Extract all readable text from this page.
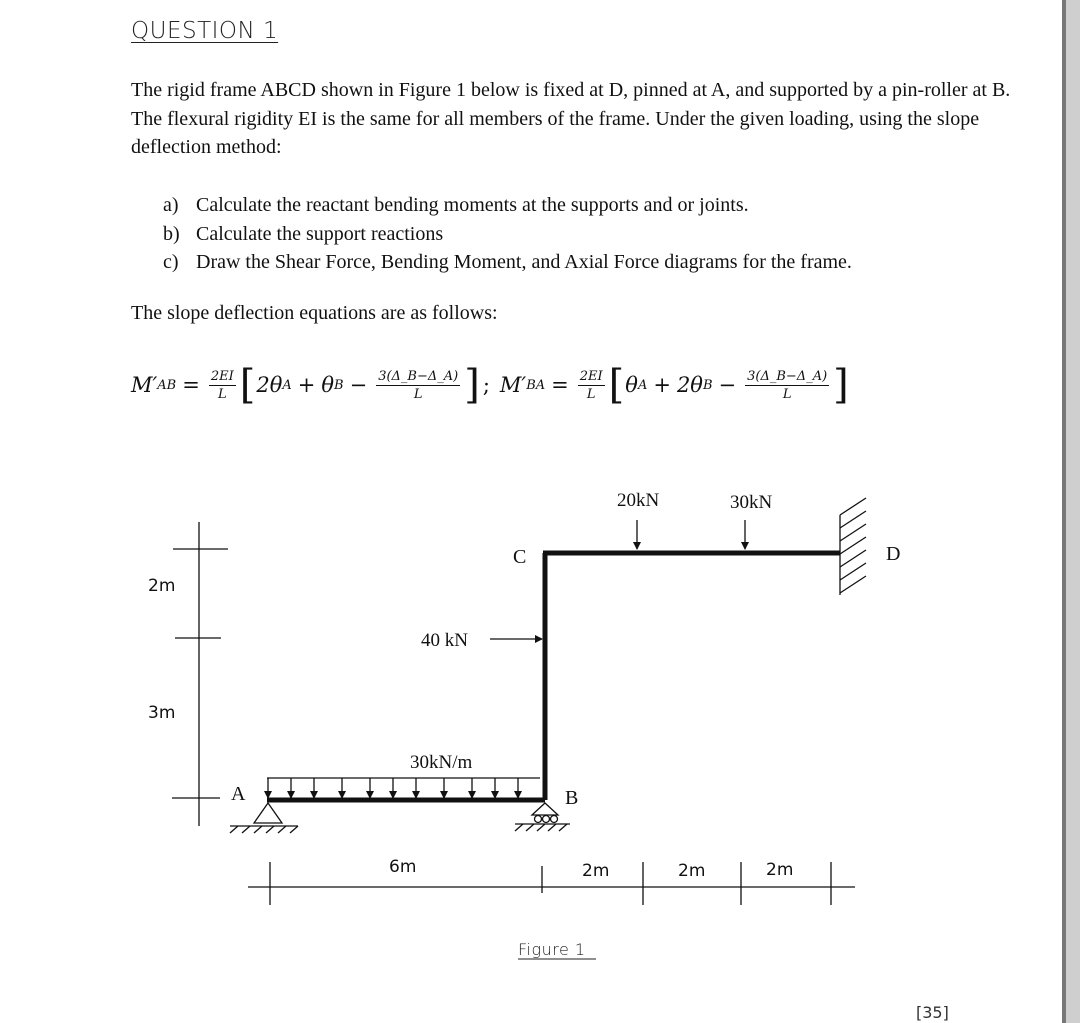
QUESTION 1

The rigid frame ABCD shown in Figure 1 below is fixed at D, pinned at A, and supported by a pin-roller at B. The flexural rigidity EI is the same for all members of the frame. Under the given loading, using the slope deflection method:

a) Calculate the reactant bending moments at the supports and or joints.
b) Calculate the support reactions
c) Draw the Shear Force, Bending Moment, and Axial Force diagrams for the frame.

The slope deflection equations are as follows:

M′ AB = $\frac{2EI}{L}$ [ 2θ A + θ $B - \frac{3(\Delta\_B-\Delta\_A)}{L}$ ] ; M′ BA = $\frac{2EI}{L}$ [ θ A + 2θ $B - \frac{3(\Delta\_B-\Delta\_A)}{L}$ ]
30kN/m
40 kN
20kN	30kN
A	B
C	D
2m
3m
6m	2m	2m	2m
Figure 1
[35]
